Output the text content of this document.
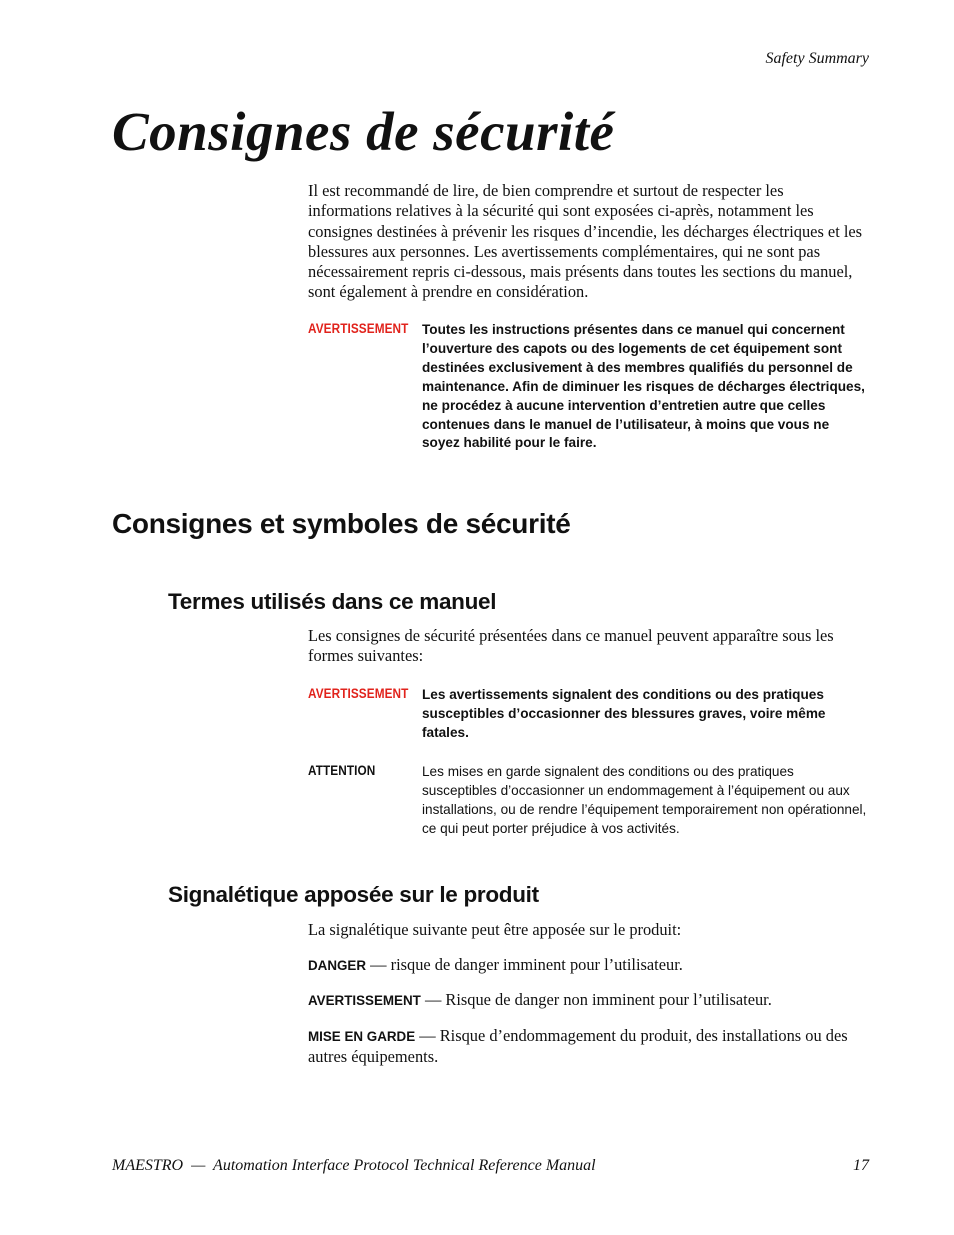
Safety Summary
Consignes de sécurité
Il est recommandé de lire, de bien comprendre et surtout de respecter les informations relatives à la sécurité qui sont exposées ci-après, notamment les consignes destinées à prévenir les risques d’incendie, les décharges électriques et les blessures aux personnes. Les avertissements complémentaires, qui ne sont pas nécessairement repris ci-dessous, mais présents dans toutes les sections du manuel, sont également à prendre en considération.
AVERTISSEMENT Toutes les instructions présentes dans ce manuel qui concernent l’ouverture des capots ou des logements de cet équipement sont destinées exclusivement à des membres qualifiés du personnel de maintenance. Afin de diminuer les risques de décharges électriques, ne procédez à aucune intervention d’entretien autre que celles contenues dans le manuel de l’utilisateur, à moins que vous ne soyez habilité pour le faire.
Consignes et symboles de sécurité
Termes utilisés dans ce manuel
Les consignes de sécurité présentées dans ce manuel peuvent apparaître sous les formes suivantes:
AVERTISSEMENT Les avertissements signalent des conditions ou des pratiques susceptibles d’occasionner des blessures graves, voire même fatales.
ATTENTION	Les mises en garde signalent des conditions ou des pratiques susceptibles d’occasionner un endommagement à l’équipement ou aux installations, ou de rendre l’équipement temporairement non opérationnel, ce qui peut porter préjudice à vos activités.
Signalétique apposée sur le produit
La signalétique suivante peut être apposée sur le produit:
DANGER — risque de danger imminent pour l’utilisateur.
AVERTISSEMENT — Risque de danger non imminent pour l’utilisateur.
MISE EN GARDE — Risque d’endommagement du produit, des installations ou des autres équipements.
MAESTRO  —  Automation Interface Protocol Technical Reference Manual	17
